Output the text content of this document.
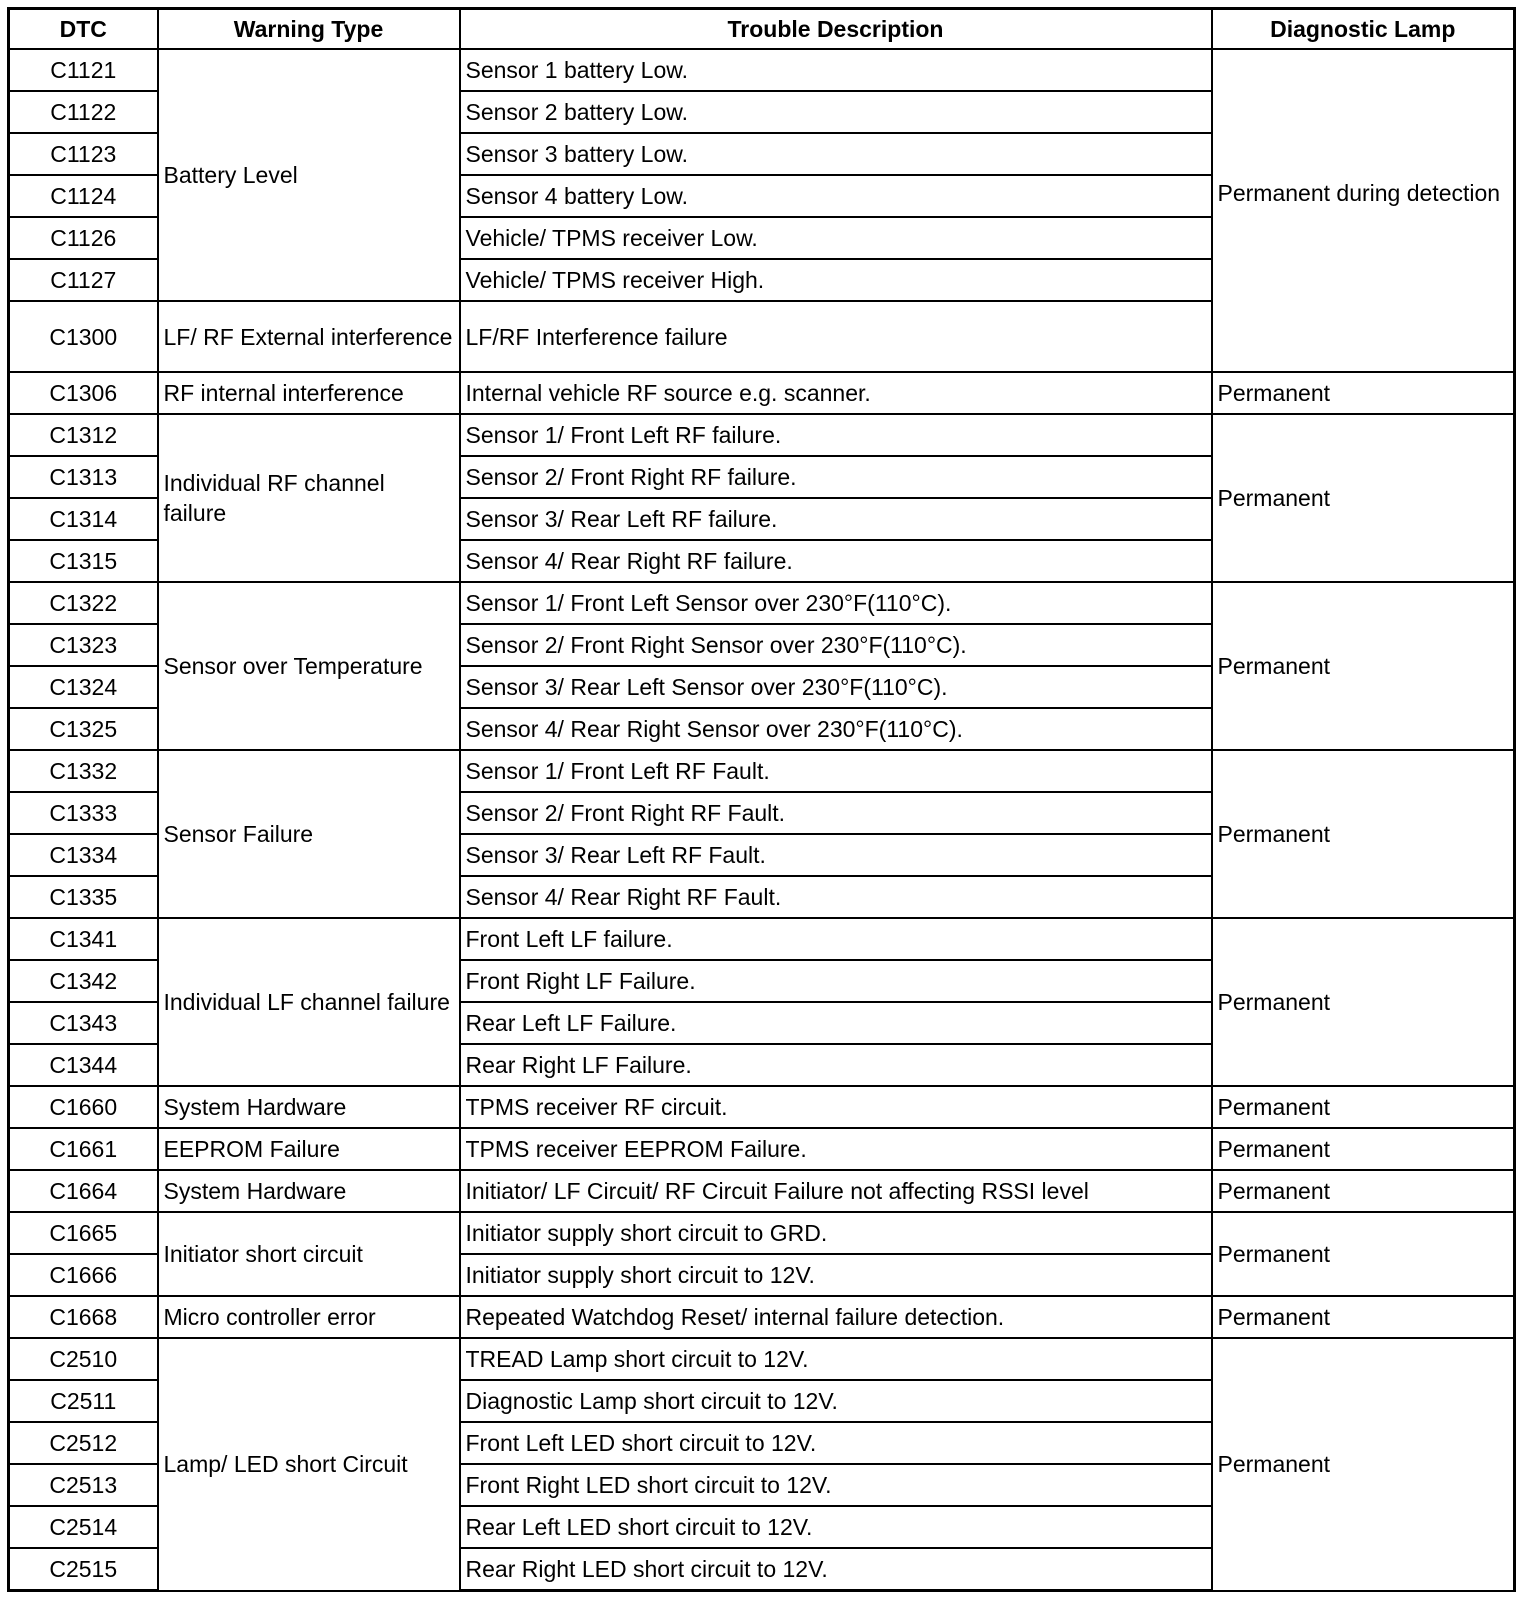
DTC	Warning Type	Trouble Description	Diagnostic Lamp
C1121	Battery Level	Sensor 1 battery Low.	Permanent during detection
C1122		Sensor 2 battery Low.	
C1123		Sensor 3 battery Low.	
C1124		Sensor 4 battery Low.	
C1126		Vehicle/ TPMS receiver Low.	
C1127		Vehicle/ TPMS receiver High.	
C1300	LF/ RF External interference	LF/RF Interference failure	
C1306	RF internal interference	Internal vehicle RF source e.g. scanner.	Permanent
C1312	Individual RF channel failure	Sensor 1/ Front Left RF failure.	Permanent
C1313		Sensor 2/ Front Right RF failure.	
C1314		Sensor 3/ Rear Left RF failure.	
C1315		Sensor 4/ Rear Right RF failure.	
C1322	Sensor over Temperature	Sensor 1/ Front Left Sensor over 230°F(110°C).	Permanent
C1323		Sensor 2/ Front Right Sensor over 230°F(110°C).	
C1324		Sensor 3/ Rear Left Sensor over 230°F(110°C).	
C1325		Sensor 4/ Rear Right Sensor over 230°F(110°C).	
C1332	Sensor Failure	Sensor 1/ Front Left RF Fault.	Permanent
C1333		Sensor 2/ Front Right RF Fault.	
C1334		Sensor 3/ Rear Left RF Fault.	
C1335		Sensor 4/ Rear Right RF Fault.	
C1341	Individual LF channel failure	Front Left LF failure.	Permanent
C1342		Front Right LF Failure.	
C1343		Rear Left LF Failure.	
C1344		Rear Right LF Failure.	
C1660	System Hardware	TPMS receiver RF circuit.	Permanent
C1661	EEPROM Failure	TPMS receiver EEPROM Failure.	Permanent
C1664	System Hardware	Initiator/ LF Circuit/ RF Circuit Failure not affecting RSSI level	Permanent
C1665	Initiator short circuit	Initiator supply short circuit to GRD.	Permanent
C1666		Initiator supply short circuit to 12V.	
C1668	Micro controller error	Repeated Watchdog Reset/ internal failure detection.	Permanent
C2510	Lamp/ LED short Circuit	TREAD Lamp short circuit to 12V.	Permanent
C2511		Diagnostic Lamp short circuit to 12V.	
C2512		Front Left LED short circuit to 12V.	
C2513		Front Right LED short circuit to 12V.	
C2514		Rear Left LED short circuit to 12V.	
C2515		Rear Right LED short circuit to 12V.	
